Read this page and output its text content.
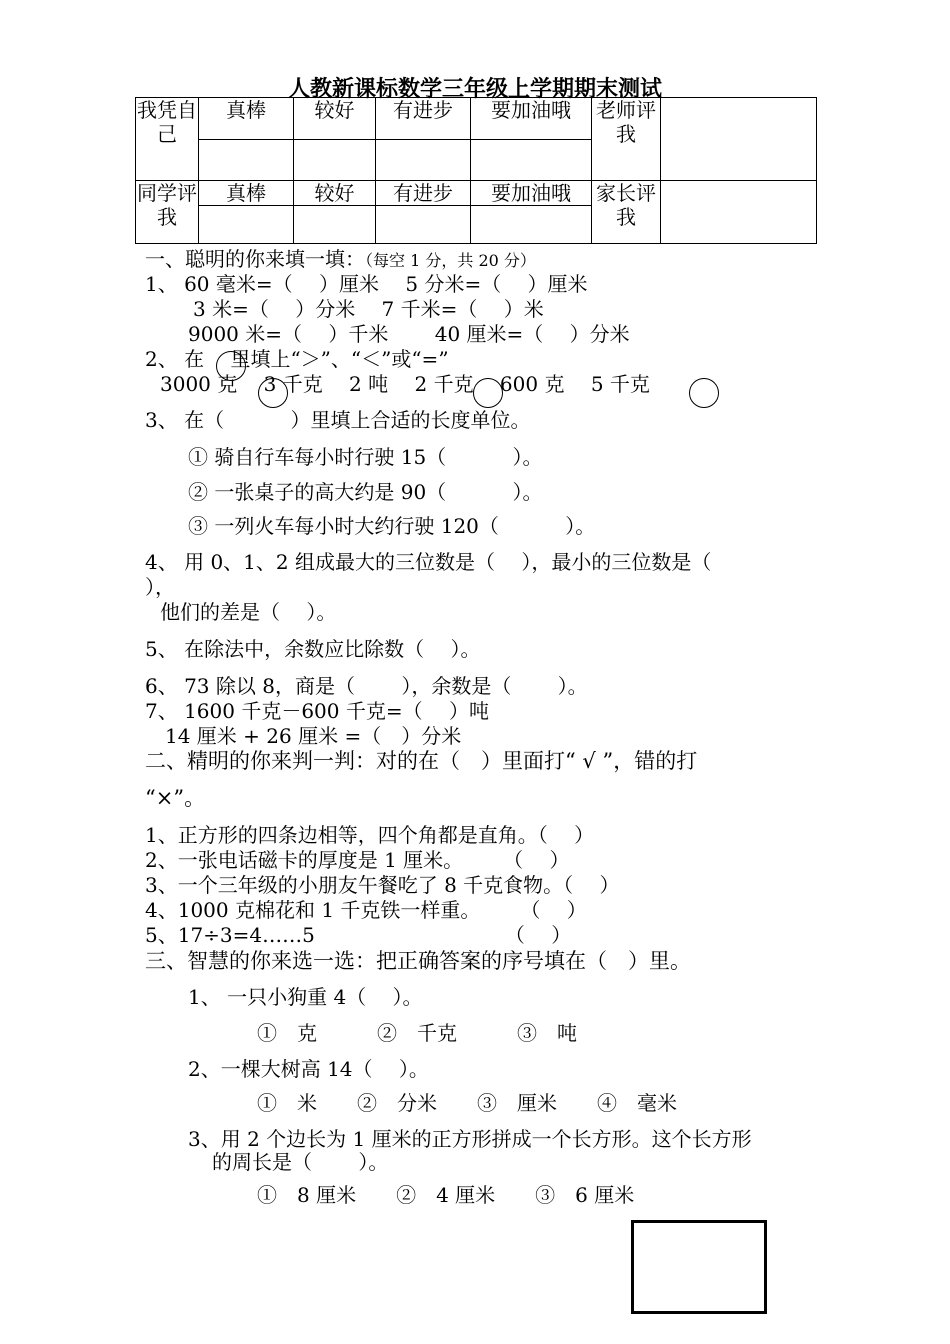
人教新课标数学三年级上学期期末测试
我凭自己	真棒	较好	有进步	要加油哦	老师评我	

同学评我	真棒	较好	有进步	要加油哦	家长评我	

一、聪明的你来填一填：（每空 1 分，共 20 分）
1、 60 毫米=（　 ）厘米　 5 分米=（　 ）厘米
3 米=（　 ）分米　 7 千米=（　 ）米
9000 米=（　 ）千米　　 40 厘米=（　 ）分米
2、 在　 里填上“＞”、“＜”或“=”
3000 克　 3 千克　 2 吨　 2 千克　 600 克　 5 千克
3、 在（　　　 ）里填上合适的长度单位。
① 骑自行车每小时行驶 15（　　　 ）。
② 一张桌子的高大约是 90（　　　 ）。
③ 一列火车每小时大约行驶 120（　　　 ）。
4、 用 0、1、2 组成最大的三位数是（　 ），最小的三位数是（
），
他们的差是（　 ）。
5、 在除法中，余数应比除数（　 ）。
6、 73 除以 8，商是（　　 ），余数是（　　 ）。
7、 1600 千克－600 千克=（　 ）吨
14 厘米 + 26 厘米 =（　）分米
二、精明的你来判一判：对的在（　）里面打“ √ ”，错的打
“×”。
1、正方形的四条边相等，四个角都是直角。（　 ）
2、一张电话磁卡的厚度是 1 厘米。　　　（　 ）
3、一个三年级的小朋友午餐吃了 8 千克食物。（　 ）
4、1000 克棉花和 1 千克铁一样重。　　　（　 ）
5、17÷3=4……5　　　　　　　　　　（　 ）
三、智慧的你来选一选：把正确答案的序号填在（　）里。
1、 一只小狗重 4（　 ）。
①　克　　　②　千克　　　③　吨
2、一棵大树高 14（　 ）。
①　米　　②　分米　　③　厘米　　④　毫米
3、用 2 个边长为 1 厘米的正方形拼成一个长方形。这个长方形
的周长是（　　 ）。
①　8 厘米　　②　4 厘米　　③　6 厘米
